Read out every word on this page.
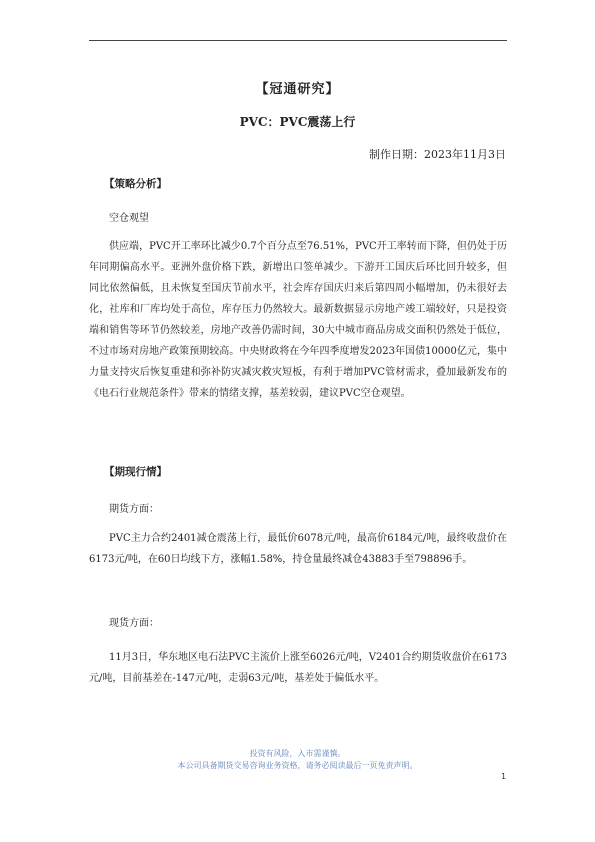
【冠通研究】
PVC：PVC震荡上行
制作日期：2023年11月3日
【策略分析】
空仓观望
供应端，PVC开工率环比减少0.7个百分点至76.51%，PVC开工率转而下降，但仍处于历年同期偏高水平。亚洲外盘价格下跌，新增出口签单减少。下游开工国庆后环比回升较多，但同比依然偏低，且未恢复至国庆节前水平，社会库存国庆归来后第四周小幅增加，仍未很好去化，社库和厂库均处于高位，库存压力仍然较大。最新数据显示房地产竣工端较好，只是投资端和销售等环节仍然较差，房地产改善仍需时间，30大中城市商品房成交面积仍然处于低位，不过市场对房地产政策预期较高。中央财政将在今年四季度增发2023年国债10000亿元，集中力量支持灾后恢复重建和弥补防灾减灾救灾短板，有利于增加PVC管材需求，叠加最新发布的《电石行业规范条件》带来的情绪支撑，基差较弱，建议PVC空仓观望。
【期现行情】
期货方面：
PVC主力合约2401减仓震荡上行，最低价6078元/吨，最高价6184元/吨，最终收盘价在6173元/吨，在60日均线下方，涨幅1.58%，持仓量最终减仓43883手至798896手。
现货方面：
11月3日，华东地区电石法PVC主流价上涨至6026元/吨，V2401合约期货收盘价在6173元/吨，目前基差在-147元/吨，走弱63元/吨，基差处于偏低水平。
投资有风险，入市需谨慎。
本公司具备期货交易咨询业务资格，请务必阅读最后一页免责声明。
1
